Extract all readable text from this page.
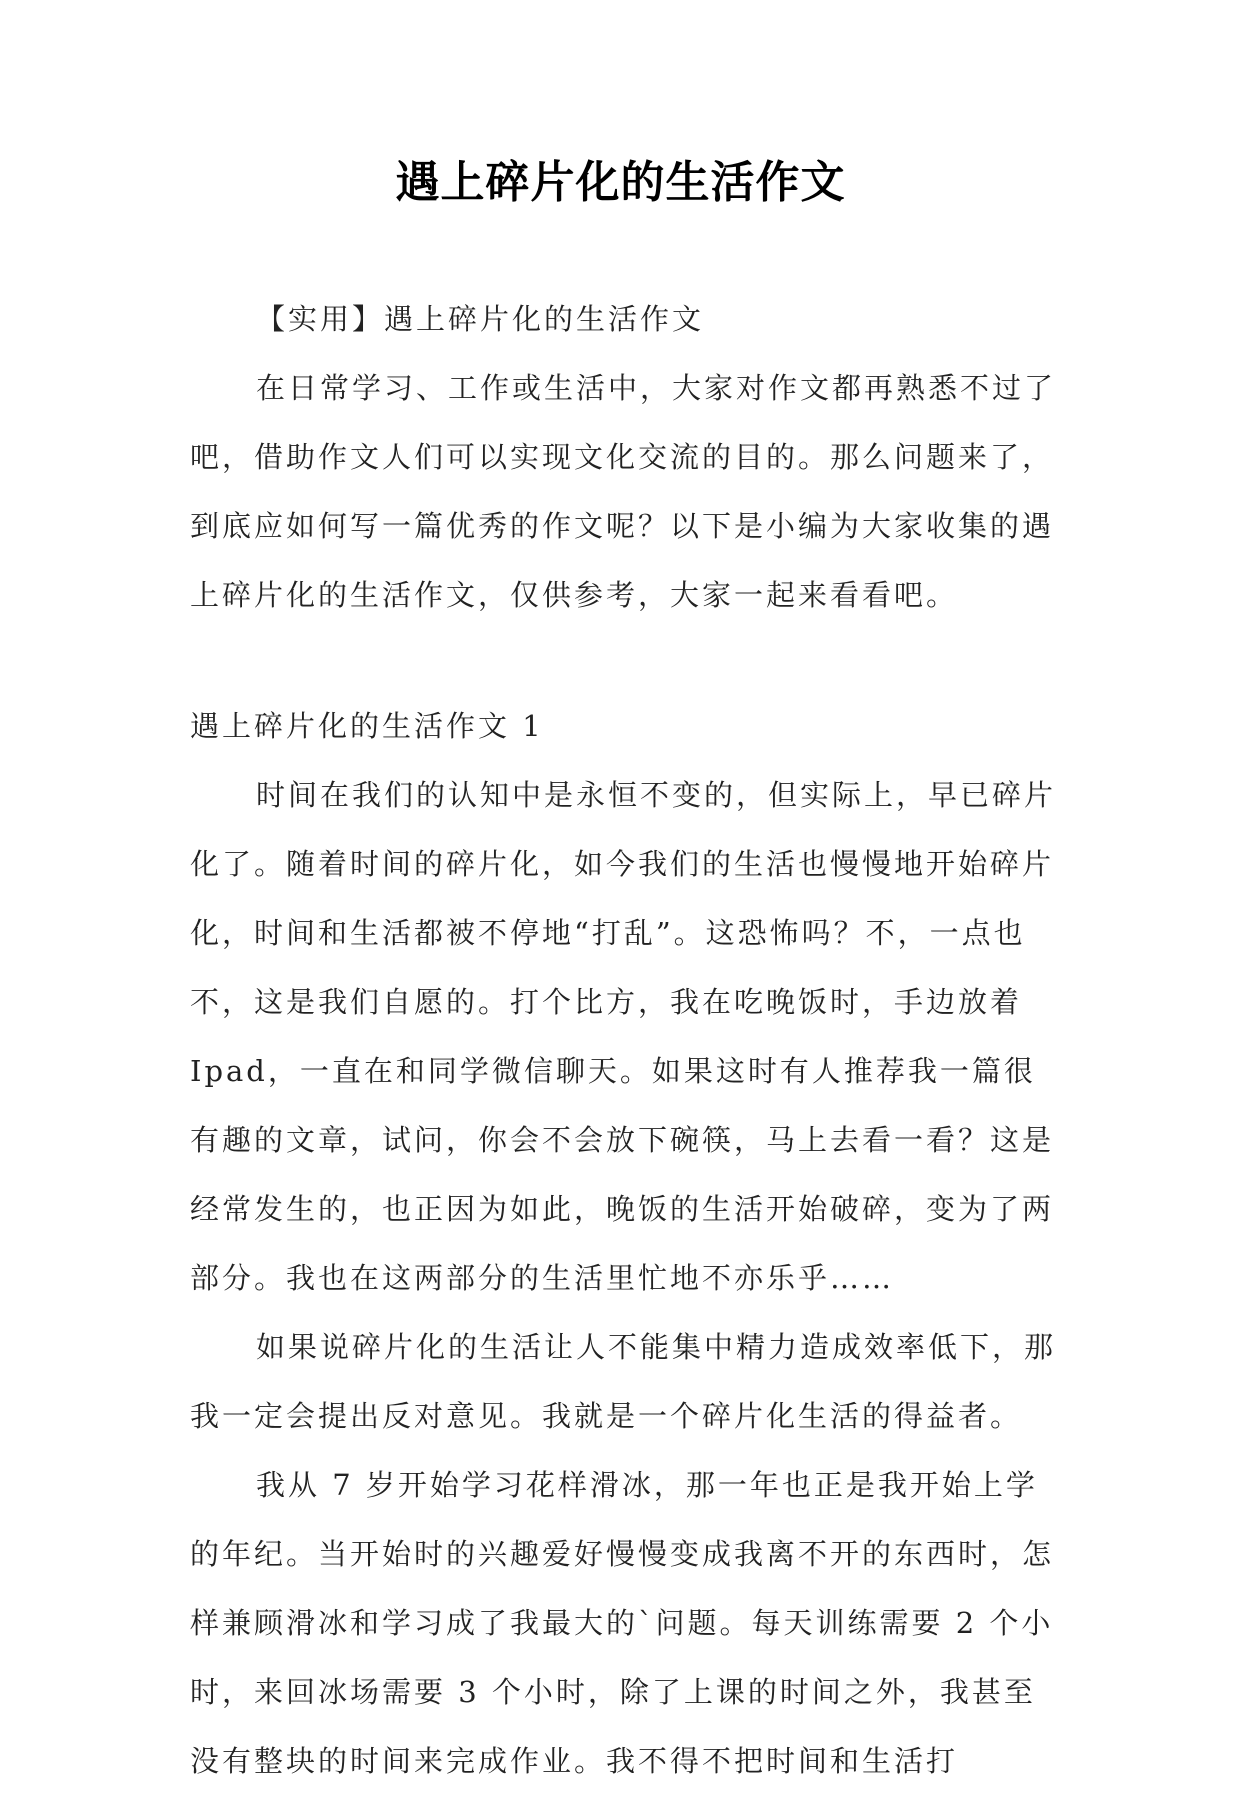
遇上碎片化的生活作文

【实用】遇上碎片化的生活作文

在日常学习、工作或生活中，大家对作文都再熟悉不过了吧，借助作文人们可以实现文化交流的目的。那么问题来了，到底应如何写一篇优秀的作文呢？以下是小编为大家收集的遇上碎片化的生活作文，仅供参考，大家一起来看看吧。

遇上碎片化的生活作文 1

时间在我们的认知中是永恒不变的，但实际上，早已碎片化了。随着时间的碎片化，如今我们的生活也慢慢地开始碎片化，时间和生活都被不停地“打乱”。这恐怖吗？不，一点也不，这是我们自愿的。打个比方，我在吃晚饭时，手边放着 Ipad，一直在和同学微信聊天。如果这时有人推荐我一篇很有趣的文章，试问，你会不会放下碗筷，马上去看一看？这是经常发生的，也正因为如此，晚饭的生活开始破碎，变为了两部分。我也在这两部分的生活里忙地不亦乐乎……

如果说碎片化的生活让人不能集中精力造成效率低下，那我一定会提出反对意见。我就是一个碎片化生活的得益者。

我从 7 岁开始学习花样滑冰，那一年也正是我开始上学的年纪。当开始时的兴趣爱好慢慢变成我离不开的东西时，怎样兼顾滑冰和学习成了我最大的`问题。每天训练需要 2 个小时，来回冰场需要 3 个小时，除了上课的时间之外，我甚至没有整块的时间来完成作业。我不得不把时间和生活打
